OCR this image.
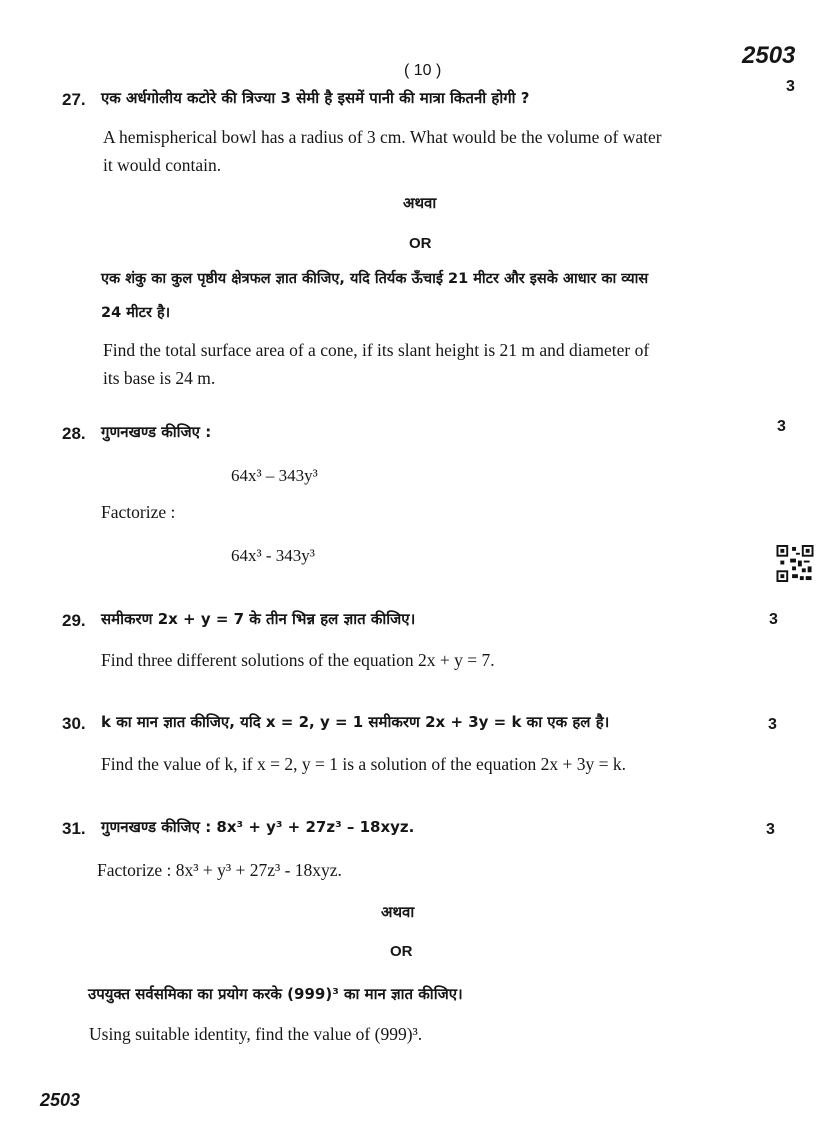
( 10 )
2503
27. एक अर्धगोलीय कटोरे की त्रिज्या 3 सेमी है इसमें पानी की मात्रा कितनी होगी ?
3
A hemispherical bowl has a radius of 3 cm. What would be the volume of water
it would contain.
अथवा
OR
एक शंकु का कुल पृष्ठीय क्षेत्रफल ज्ञात कीजिए, यदि तिर्यक ऊँचाई 21 मीटर और इसके आधार का व्यास
24 मीटर है।
Find the total surface area of a cone, if its slant height is 21 m and diameter of
its base is 24 m.
28. गुणनखण्ड कीजिए :	3
64x³ – 343y³
Factorize :
64x³ - 343y³
29. समीकरण 2x + y = 7 के तीन भिन्न हल ज्ञात कीजिए।	3
Find three different solutions of the equation 2x + y = 7.
30. k का मान ज्ञात कीजिए, यदि x = 2, y = 1 समीकरण 2x + 3y = k का एक हल है।	3
Find the value of k, if x = 2, y = 1 is a solution of the equation 2x + 3y = k.
31. गुणनखण्ड कीजिए : 8x³ + y³ + 27z³ – 18xyz.	3
Factorize : 8x³ + y³ + 27z³ - 18xyz.
अथवा
OR
उपयुक्त सर्वसमिका का प्रयोग करके (999)³ का मान ज्ञात कीजिए।
Using suitable identity, find the value of (999)³.
2503
